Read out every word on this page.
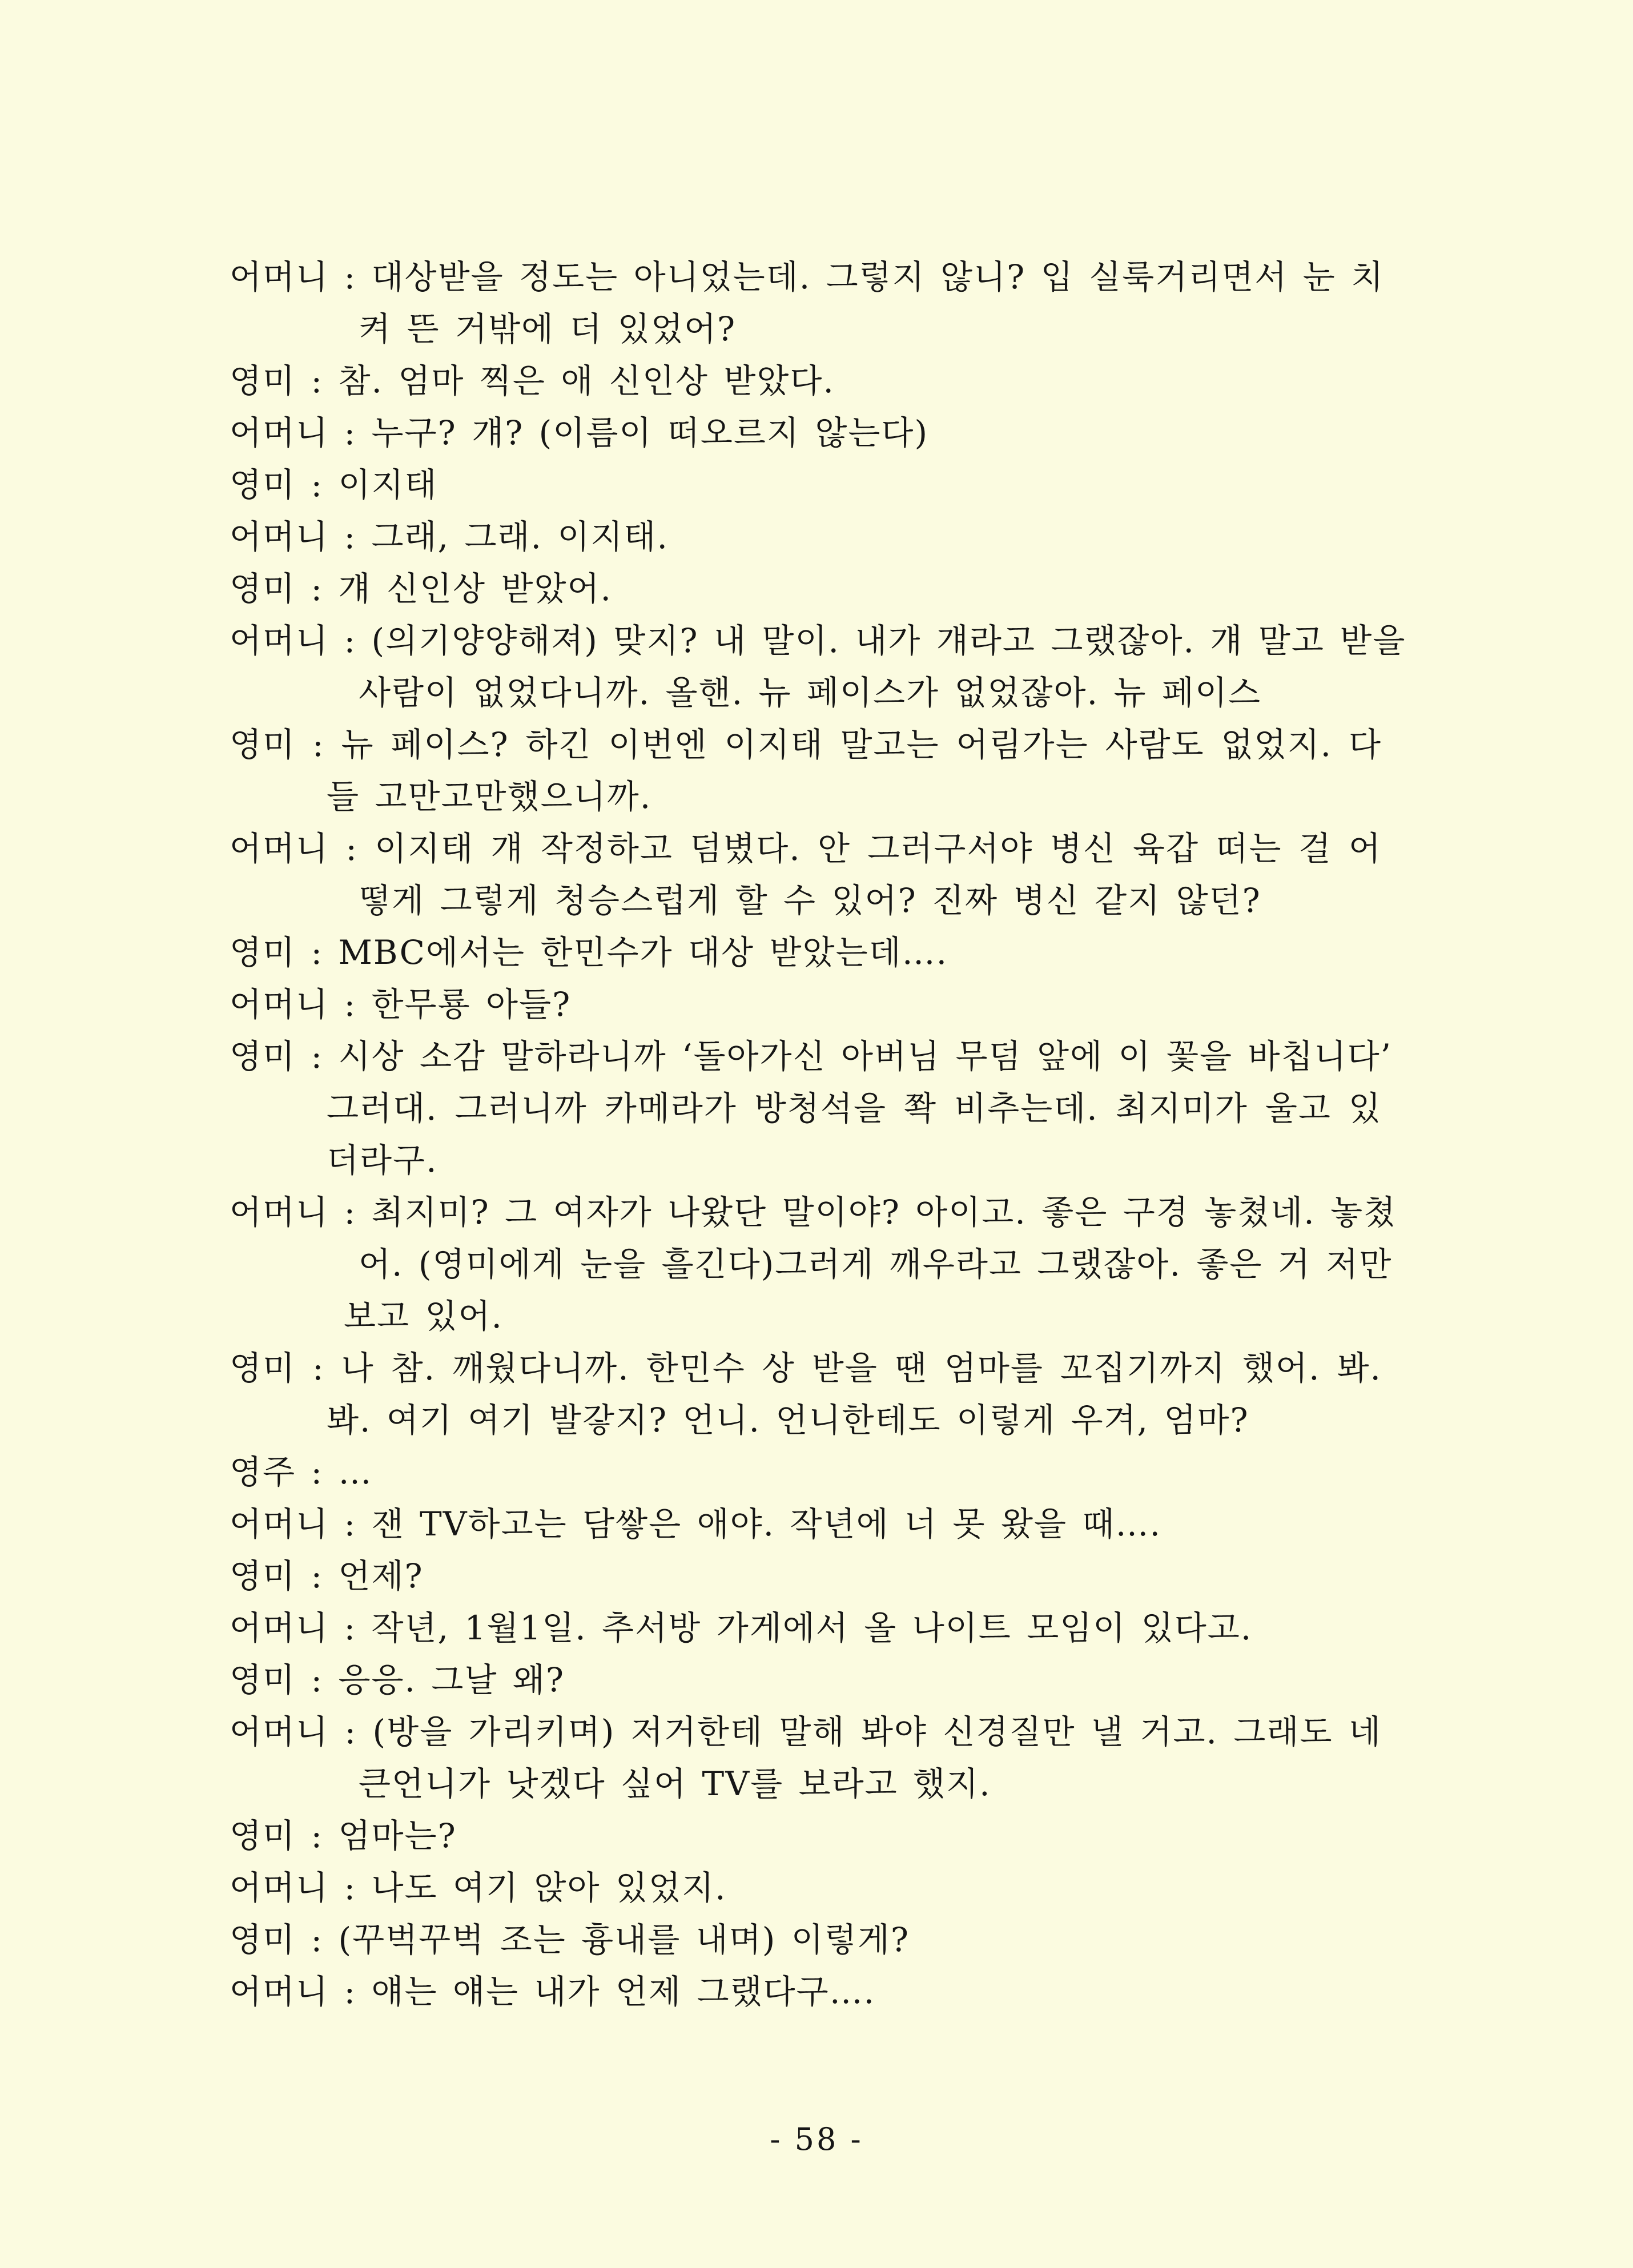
어머니 : 대상받을 정도는 아니었는데. 그렇지 않니? 입 실룩거리면서 눈 치
켜 뜬 거밖에 더 있었어?
영미 : 참. 엄마 찍은 애 신인상 받았다.
어머니 : 누구? 걔? (이름이 떠오르지 않는다)
영미 : 이지태
어머니 : 그래, 그래. 이지태.
영미 : 걔 신인상 받았어.
어머니 : (의기양양해져) 맞지? 내 말이. 내가 걔라고 그랬잖아. 걔 말고 받을
사람이 없었다니까. 올핸. 뉴 페이스가 없었잖아. 뉴 페이스
영미 : 뉴 페이스? 하긴 이번엔 이지태 말고는 어림가는 사람도 없었지. 다
들 고만고만했으니까.
어머니 : 이지태 걔 작정하고 덤볐다. 안 그러구서야 병신 육갑 떠는 걸 어
떻게 그렇게 청승스럽게 할 수 있어? 진짜 병신 같지 않던?
영미 : MBC에서는 한민수가 대상 받았는데….
어머니 : 한무룡 아들?
영미 : 시상 소감 말하라니까 ‘돌아가신 아버님 무덤 앞에 이 꽃을 바칩니다’
그러대. 그러니까 카메라가 방청석을 쫙 비추는데. 최지미가 울고 있
더라구.
어머니 : 최지미? 그 여자가 나왔단 말이야? 아이고. 좋은 구경 놓쳤네. 놓쳤
어. (영미에게 눈을 흘긴다)그러게 깨우라고 그랬잖아. 좋은 거 저만
보고 있어.
영미 : 나 참. 깨웠다니까. 한민수 상 받을 땐 엄마를 꼬집기까지 했어. 봐.
봐. 여기 여기 발갛지? 언니. 언니한테도 이렇게 우겨, 엄마?
영주 : …
어머니 : 잰 TV하고는 담쌓은 애야. 작년에 너 못 왔을 때….
영미 : 언제?
어머니 : 작년, 1월1일. 추서방 가게에서 올 나이트 모임이 있다고.
영미 : 응응. 그날 왜?
어머니 : (방을 가리키며) 저거한테 말해 봐야 신경질만 낼 거고. 그래도 네
큰언니가 낫겠다 싶어 TV를 보라고 했지.
영미 : 엄마는?
어머니 : 나도 여기 앉아 있었지.
영미 : (꾸벅꾸벅 조는 흉내를 내며) 이렇게?
어머니 : 얘는 얘는 내가 언제 그랬다구….
- 58 -
